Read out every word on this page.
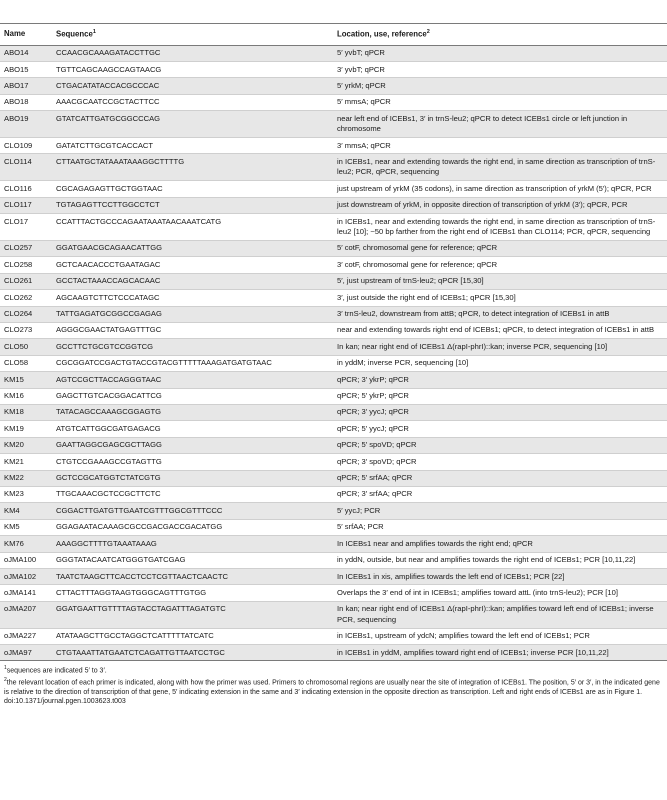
Name	Sequence$^1$	Location, use, reference$^2$
ABO14	CCAACGCAAAGATACCTTGC	5′ yvbT; qPCR
ABO15	TGTTCAGCAAGCCAGTAACG	3′ yvbT; qPCR
ABO17	CTGACATATACCACGCCCAC	5′ yrkM; qPCR
ABO18	AAACGCAATCCGCTACTTCC	5′ mmsA; qPCR
ABO19	GTATCATTGATGCGGCCCAG	near left end of ICEBs1, 3′ in trnS-leu2; qPCR to detect ICEBs1 circle or left junction in chromosome
CLO109	GATATCTTGCGTCACCACT	3′ mmsA; qPCR
CLO114	CTTAATGCTATAAATAAAGGCTTTTG	in ICEBs1, near and extending towards the right end, in same direction as transcription of trnS-leu2; PCR, qPCR, sequencing
CLO116	CGCAGAGAGTTGCTGGTAAC	just upstream of yrkM (35 codons), in same direction as transcription of yrkM (5′); qPCR, PCR
CLO117	TGTAGAGTTCCTTGGCCTCT	just downstream of yrkM, in opposite direction of transcription of yrkM (3′); qPCR, PCR
CLO17	CCATTTACTGCCCAGAATAAATAACAAATCATG	in ICEBs1, near and extending towards the right end, in same direction as transcription of trnS-leu2 [10]; ~50 bp farther from the right end of ICEBs1 than CLO114; PCR, qPCR, sequencing
CLO257	GGATGAACGCAGAACATTGG	5′ cotF, chromosomal gene for reference; qPCR
CLO258	GCTCAACACCCTGAATAGAC	3′ cotF, chromosomal gene for reference; qPCR
CLO261	GCCTACTAAACCAGCACAAC	5′, just upstream of trnS-leu2; qPCR [15,30]
CLO262	AGCAAGTCTTCTCCCATAGC	3′, just outside the right end of ICEBs1; qPCR [15,30]
CLO264	TATTGAGATGCGGCCGAGAG	3′ trnS-leu2, downstream from attB; qPCR, to detect integration of ICEBs1 in attB
CLO273	AGGGCGAACTATGAGTTTGC	near and extending towards right end of ICEBs1; qPCR, to detect integration of ICEBs1 in attB
CLO50	GCCTTCTGCGTCCGGTCG	In kan; near right end of ICEBs1 Δ(rapI-phrI)::kan; inverse PCR, sequencing [10]
CLO58	CGCGGATCCGACTGTACCGTACGTTTTTAAAGATGATGTAAC	in yddM; inverse PCR, sequencing [10]
KM15	AGTCCGCTTACCAGGGTAAC	qPCR; 3′ ykrP; qPCR
KM16	GAGCTTGTCACGGACATTCG	qPCR; 5′ ykrP; qPCR
KM18	TATACAGCCAAAGCGGAGTG	qPCR; 3′ yycJ; qPCR
KM19	ATGTCATTGGCGATGAGACG	qPCR; 5′ yycJ; qPCR
KM20	GAATTAGGCGAGCGCTTAGG	qPCR; 5′ spoVD; qPCR
KM21	CTGTCCGAAAGCCGTAGTTG	qPCR; 3′ spoVD; qPCR
KM22	GCTCCGCATGGTCTATCGTG	qPCR; 5′ srfAA; qPCR
KM23	TTGCAAACGCTCCGCTTCTC	qPCR; 3′ srfAA; qPCR
KM4	CGGACTTGATGTTGAATCGTTTGGCGTTTCCC	5′ yycJ; PCR
KM5	GGAGAATACAAAGCGCCGACGACCGACATGG	5′ srfAA; PCR
KM76	AAAGGCTTTTGTAAATAAAG	In ICEBs1 near and amplifies towards the right end; qPCR
oJMA100	GGGTATACAATCATGGGTGATCGAG	in yddN, outside, but near and amplifies towards the right end of ICEBs1; PCR [10,11,22]
oJMA102	TAATCTAAGCTTCACCTCCTCGTTAACTCAACTC	In ICEBs1 in xis, amplifies towards the left end of ICEBs1; PCR [22]
oJMA141	CTTACTTTAGGTAAGTGGGCAGTTTGTGG	Overlaps the 3′ end of int in ICEBs1; amplifies toward attL (into trnS-leu2); PCR [10]
oJMA207	GGATGAATTGTTTTAGTACCTAGATTTAGATGTC	In kan; near right end of ICEBs1 Δ(rapI-phrI)::kan; amplifies toward left end of ICEBs1; inverse PCR, sequencing
oJMA227	ATATAAGCTTGCCTAGGCTCATTTTTATCATC	in ICEBs1, upstream of ydcN; amplifies toward the left end of ICEBs1; PCR
oJMA97	CTGTAAATTATGAATCTCAGATTGTTAATCCTGC	in ICEBs1 in yddM, amplifies toward right end of ICEBs1; inverse PCR [10,11,22]
$^1$sequences are indicated 5′ to 3′.
$^2$the relevant location of each primer is indicated, along with how the primer was used. Primers to chromosomal regions are usually near the site of integration of ICEBs1. The position, 5′ or 3′, in the indicated gene is relative to the direction of transcription of that gene, 5′ indicating extension in the same and 3′ indicating extension in the opposite direction as transcription. Left and right ends of ICEBs1 are as in Figure 1.
doi:10.1371/journal.pgen.1003623.t003
